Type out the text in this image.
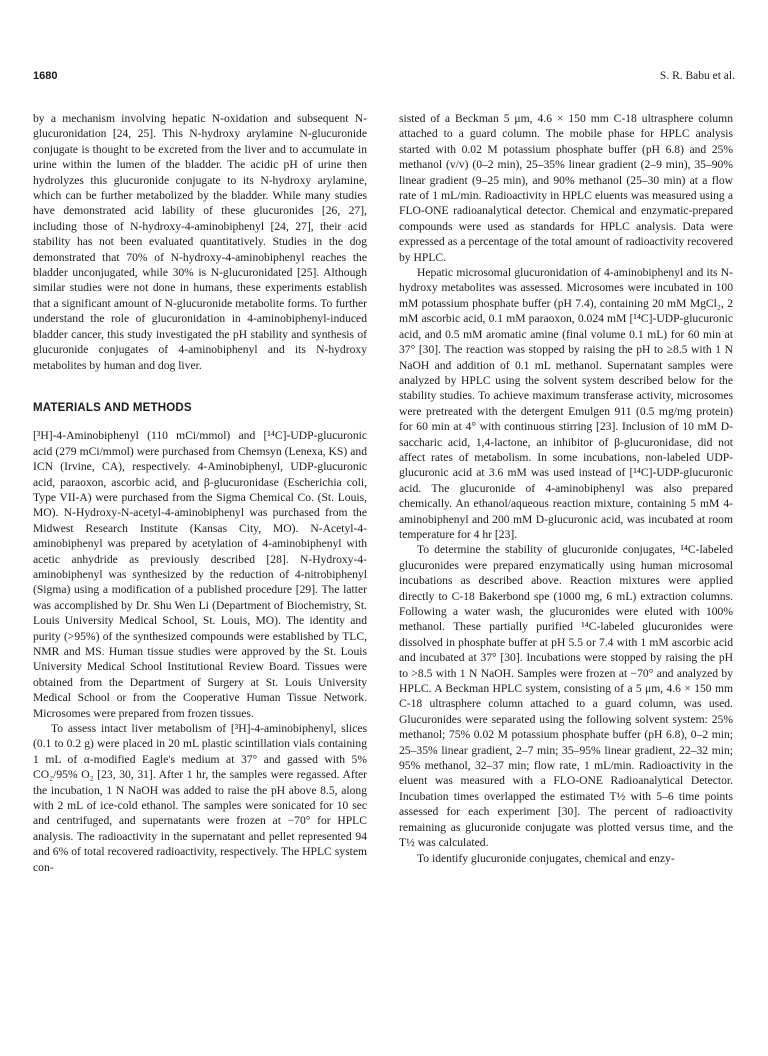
1680	S. R. Babu et al.

by a mechanism involving hepatic N-oxidation and subsequent N-glucuronidation [24, 25]. This N-hydroxy arylamine N-glucuronide conjugate is thought to be excreted from the liver and to accumulate in urine within the lumen of the bladder. The acidic pH of urine then hydrolyzes this glucuronide conjugate to its N-hydroxy arylamine, which can be further metabolized by the bladder. While many studies have demonstrated acid lability of these glucuronides [26, 27], including those of N-hydroxy-4-aminobiphenyl [24, 27], their acid stability has not been evaluated quantitatively. Studies in the dog demonstrated that 70% of N-hydroxy-4-aminobiphenyl reaches the bladder unconjugated, while 30% is N-glucuronidated [25]. Although similar studies were not done in humans, these experiments establish that a significant amount of N-glucuronide metabolite forms. To further understand the role of glucuronidation in 4-aminobiphenyl-induced bladder cancer, this study investigated the pH stability and synthesis of glucuronide conjugates of 4-aminobiphenyl and its N-hydroxy metabolites by human and dog liver.

MATERIALS AND METHODS

[³H]-4-Aminobiphenyl (110 mCi/mmol) and [¹⁴C]-UDP-glucuronic acid (279 mCi/mmol) were purchased from Chemsyn (Lenexa, KS) and ICN (Irvine, CA), respectively. 4-Aminobiphenyl, UDP-glucuronic acid, paraoxon, ascorbic acid, and β-glucuronidase (Escherichia coli, Type VII-A) were purchased from the Sigma Chemical Co. (St. Louis, MO). N-Hydroxy-N-acetyl-4-aminobiphenyl was purchased from the Midwest Research Institute (Kansas City, MO). N-Acetyl-4-aminobiphenyl was prepared by acetylation of 4-aminobiphenyl with acetic anhydride as previously described [28]. N-Hydroxy-4-aminobiphenyl was synthesized by the reduction of 4-nitrobiphenyl (Sigma) using a modification of a published procedure [29]. The latter was accomplished by Dr. Shu Wen Li (Department of Biochemistry, St. Louis University Medical School, St. Louis, MO). The identity and purity (>95%) of the synthesized compounds were established by TLC, NMR and MS. Human tissue studies were approved by the St. Louis University Medical School Institutional Review Board. Tissues were obtained from the Department of Surgery at St. Louis University Medical School or from the Cooperative Human Tissue Network. Microsomes were prepared from frozen tissues.

To assess intact liver metabolism of [³H]-4-aminobiphenyl, slices (0.1 to 0.2 g) were placed in 20 mL plastic scintillation vials containing 1 mL of α-modified Eagle's medium at 37° and gassed with 5% CO₂/95% O₂ [23, 30, 31]. After 1 hr, the samples were regassed. After the incubation, 1 N NaOH was added to raise the pH above 8.5, along with 2 mL of ice-cold ethanol. The samples were sonicated for 10 sec and centrifuged, and supernatants were frozen at −70° for HPLC analysis. The radioactivity in the supernatant and pellet represented 94 and 6% of total recovered radioactivity, respectively. The HPLC system con-

sisted of a Beckman 5 μm, 4.6 × 150 mm C-18 ultrasphere column attached to a guard column. The mobile phase for HPLC analysis started with 0.02 M potassium phosphate buffer (pH 6.8) and 25% methanol (v/v) (0–2 min), 25–35% linear gradient (2–9 min), 35–90% linear gradient (9–25 min), and 90% methanol (25–30 min) at a flow rate of 1 mL/min. Radioactivity in HPLC eluents was measured using a FLO-ONE radioanalytical detector. Chemical and enzymatic-prepared compounds were used as standards for HPLC analysis. Data were expressed as a percentage of the total amount of radioactivity recovered by HPLC.

Hepatic microsomal glucuronidation of 4-aminobiphenyl and its N-hydroxy metabolites was assessed. Microsomes were incubated in 100 mM potassium phosphate buffer (pH 7.4), containing 20 mM MgCl₂, 2 mM ascorbic acid, 0.1 mM paraoxon, 0.024 mM [¹⁴C]-UDP-glucuronic acid, and 0.5 mM aromatic amine (final volume 0.1 mL) for 60 min at 37° [30]. The reaction was stopped by raising the pH to ≥8.5 with 1 N NaOH and addition of 0.1 mL methanol. Supernatant samples were analyzed by HPLC using the solvent system described below for the stability studies. To achieve maximum transferase activity, microsomes were pretreated with the detergent Emulgen 911 (0.5 mg/mg protein) for 60 min at 4° with continuous stirring [23]. Inclusion of 10 mM D-saccharic acid, 1,4-lactone, an inhibitor of β-glucuronidase, did not affect rates of metabolism. In some incubations, non-labeled UDP-glucuronic acid at 3.6 mM was used instead of [¹⁴C]-UDP-glucuronic acid. The glucuronide of 4-aminobiphenyl was also prepared chemically. An ethanol/aqueous reaction mixture, containing 5 mM 4-aminobiphenyl and 200 mM D-glucuronic acid, was incubated at room temperature for 4 hr [23].

To determine the stability of glucuronide conjugates, ¹⁴C-labeled glucuronides were prepared enzymatically using human microsomal incubations as described above. Reaction mixtures were applied directly to C-18 Bakerbond spe (1000 mg, 6 mL) extraction columns. Following a water wash, the glucuronides were eluted with 100% methanol. These partially purified ¹⁴C-labeled glucuronides were dissolved in phosphate buffer at pH 5.5 or 7.4 with 1 mM ascorbic acid and incubated at 37° [30]. Incubations were stopped by raising the pH to >8.5 with 1 N NaOH. Samples were frozen at −70° and analyzed by HPLC. A Beckman HPLC system, consisting of a 5 μm, 4.6 × 150 mm C-18 ultrasphere column attached to a guard column, was used. Glucuronides were separated using the following solvent system: 25% methanol; 75% 0.02 M potassium phosphate buffer (pH 6.8), 0–2 min; 25–35% linear gradient, 2–7 min; 35–95% linear gradient, 22–32 min; 95% methanol, 32–37 min; flow rate, 1 mL/min. Radioactivity in the eluent was measured with a FLO-ONE Radioanalytical Detector. Incubation times overlapped the estimated T½ with 5–6 time points assessed for each experiment [30]. The percent of radioactivity remaining as glucuronide conjugate was plotted versus time, and the T½ was calculated.

To identify glucuronide conjugates, chemical and enzy-
